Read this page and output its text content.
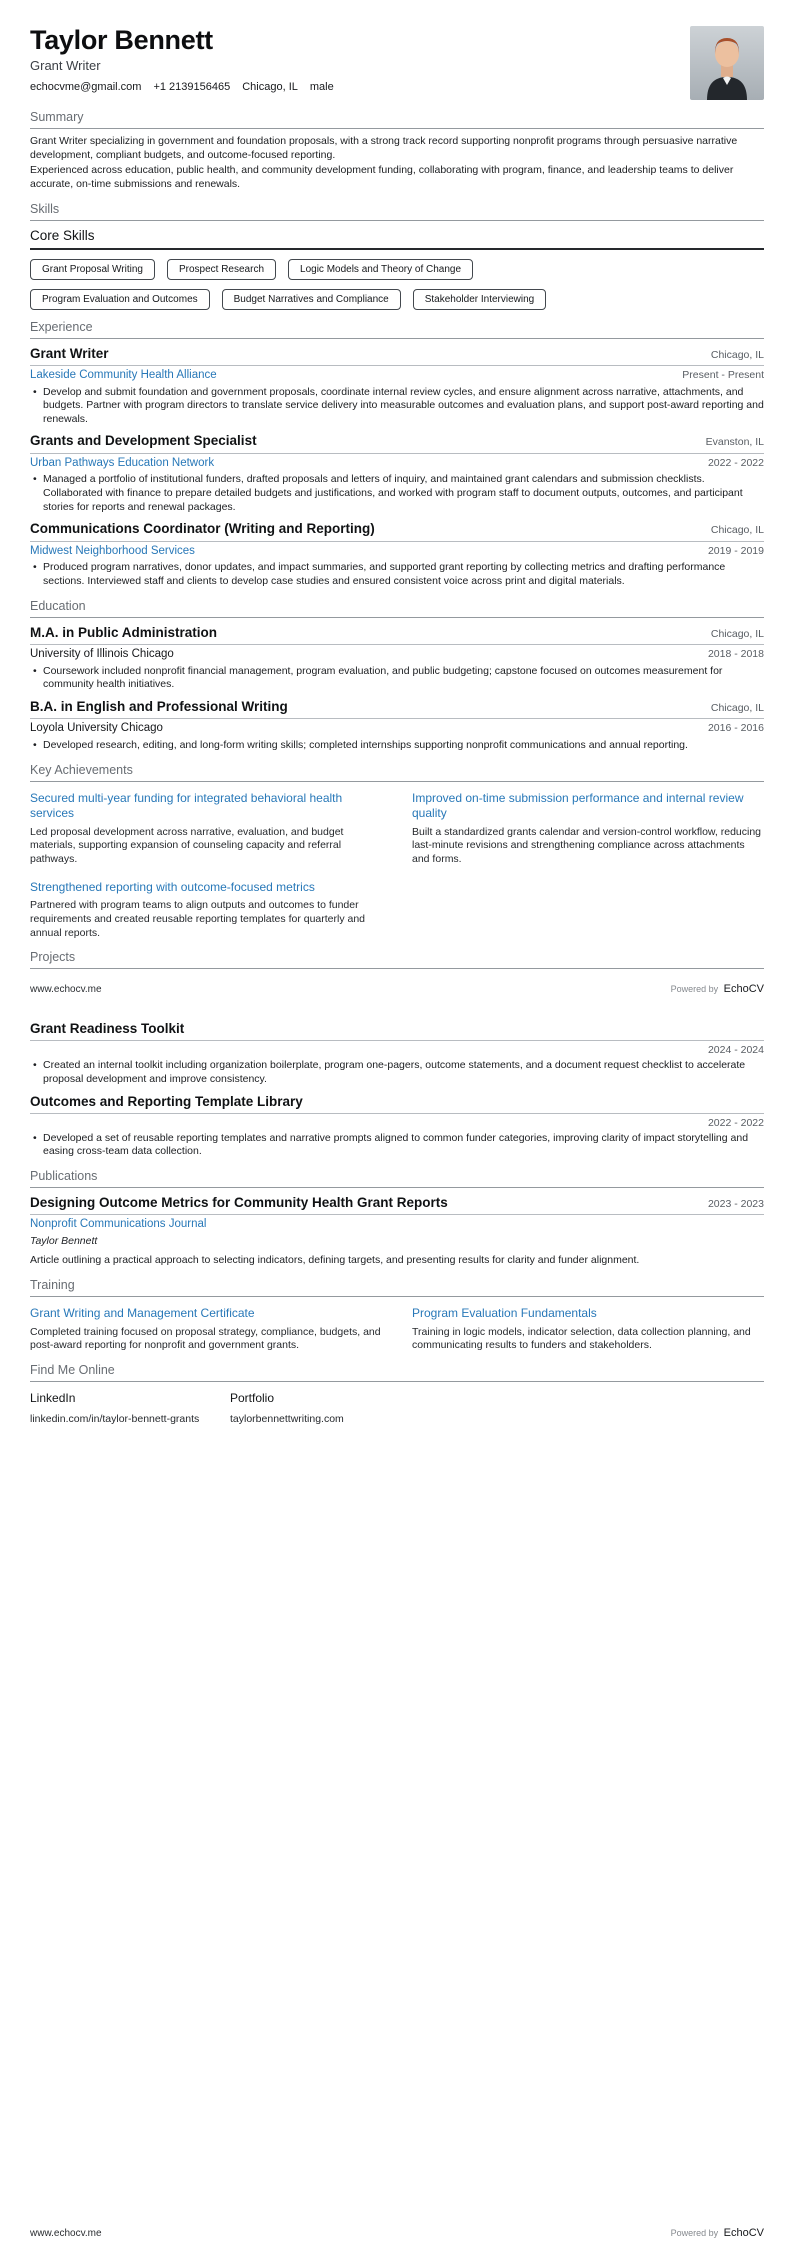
Taylor Bennett
Grant Writer
echocvme@gmail.com +1 2139156465 Chicago, IL male
Summary

Grant Writer specializing in government and foundation proposals, with a strong track record supporting nonprofit programs through persuasive narrative development, compliant budgets, and outcome-focused reporting.

Experienced across education, public health, and community development funding, collaborating with program, finance, and leadership teams to deliver accurate, on-time submissions and renewals.

Skills
Core Skills
Grant Proposal Writing	Prospect Research	Logic Models and Theory of Change
Program Evaluation and Outcomes	Budget Narratives and Compliance	Stakeholder Interviewing
Experience
Grant Writer	Chicago, IL
Lakeside Community Health Alliance	Present - Present
• Develop and submit foundation and government proposals, coordinate internal review cycles, and ensure alignment across narrative, attachments, and budgets. Partner with program directors to translate service delivery into measurable outcomes and evaluation plans, and support post-award reporting and renewals.
Grants and Development Specialist	Evanston, IL
Urban Pathways Education Network	2022 - 2022
• Managed a portfolio of institutional funders, drafted proposals and letters of inquiry, and maintained grant calendars and submission checklists. Collaborated with finance to prepare detailed budgets and justifications, and worked with program staff to document outputs, outcomes, and participant stories for reports and renewal packages.
Communications Coordinator (Writing and Reporting)	Chicago, IL
Midwest Neighborhood Services	2019 - 2019
• Produced program narratives, donor updates, and impact summaries, and supported grant reporting by collecting metrics and drafting performance sections. Interviewed staff and clients to develop case studies and ensured consistent voice across print and digital materials.
Education
M.A. in Public Administration	Chicago, IL
University of Illinois Chicago	2018 - 2018
• Coursework included nonprofit financial management, program evaluation, and public budgeting; capstone focused on outcomes measurement for community health initiatives.
B.A. in English and Professional Writing	Chicago, IL
Loyola University Chicago	2016 - 2016
• Developed research, editing, and long-form writing skills; completed internships supporting nonprofit communications and annual reporting.
Key Achievements
Secured multi-year funding for integrated behavioral health services
Led proposal development across narrative, evaluation, and budget materials, supporting expansion of counseling capacity and referral pathways.
Improved on-time submission performance and internal review quality
Built a standardized grants calendar and version-control workflow, reducing last-minute revisions and strengthening compliance across attachments and forms.
Strengthened reporting with outcome-focused metrics
Partnered with program teams to align outputs and outcomes to funder requirements and created reusable reporting templates for quarterly and annual reports.
Projects
www.echocv.me	Powered by EchoCV
Grant Readiness Toolkit
2024 - 2024
• Created an internal toolkit including organization boilerplate, program one-pagers, outcome statements, and a document request checklist to accelerate proposal development and improve consistency.
Outcomes and Reporting Template Library
2022 - 2022
• Developed a set of reusable reporting templates and narrative prompts aligned to common funder categories, improving clarity of impact storytelling and easing cross-team data collection.
Publications
Designing Outcome Metrics for Community Health Grant Reports	2023 - 2023
Nonprofit Communications Journal
Taylor Bennett
Article outlining a practical approach to selecting indicators, defining targets, and presenting results for clarity and funder alignment.
Training
Grant Writing and Management Certificate
Completed training focused on proposal strategy, compliance, budgets, and post-award reporting for nonprofit and government grants.
Program Evaluation Fundamentals
Training in logic models, indicator selection, data collection planning, and communicating results to funders and stakeholders.
Find Me Online
LinkedIn
linkedin.com/in/taylor-bennett-grants
Portfolio
taylorbennettwriting.com
www.echocv.me	Powered by EchoCV
